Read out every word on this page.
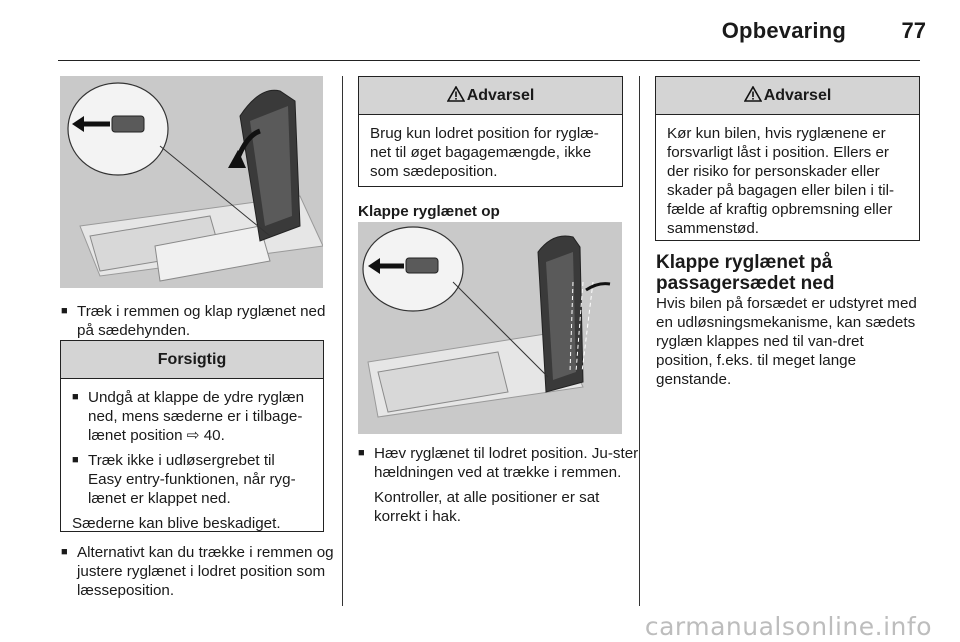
Opbevaring	77
■ Træk i remmen og klap ryglænet ned på sædehynden.
Forsigtig
■ Undgå at klappe de ydre ryglæn ned, mens sæderne er i tilbage-lænet position ⇨ 40.
■ Træk ikke i udløsergrebet til Easy entry-funktionen, når ryg-lænet er klappet ned.
Sæderne kan blive beskadiget.
■ Alternativt kan du trække i remmen og justere ryglænet i lodret position som læsseposition.
Advarsel
Brug kun lodret position for ryglæ-net til øget bagagemængde, ikke som sædeposition.
Klappe ryglænet op
■ Hæv ryglænet til lodret position. Ju-ster hældningen ved at trække i remmen.
Kontroller, at alle positioner er sat korrekt i hak.
Advarsel
Kør kun bilen, hvis ryglænene er forsvarligt låst i position. Ellers er der risiko for personskader eller skader på bagagen eller bilen i til-fælde af kraftig opbremsning eller sammenstød.
Klappe ryglænet på passagersædet ned
Hvis bilen på forsædet er udstyret med en udløsningsmekanisme, kan sædets ryglæn klappes ned til van-dret position, f.eks. til meget lange genstande.
carmanualsonline.info
